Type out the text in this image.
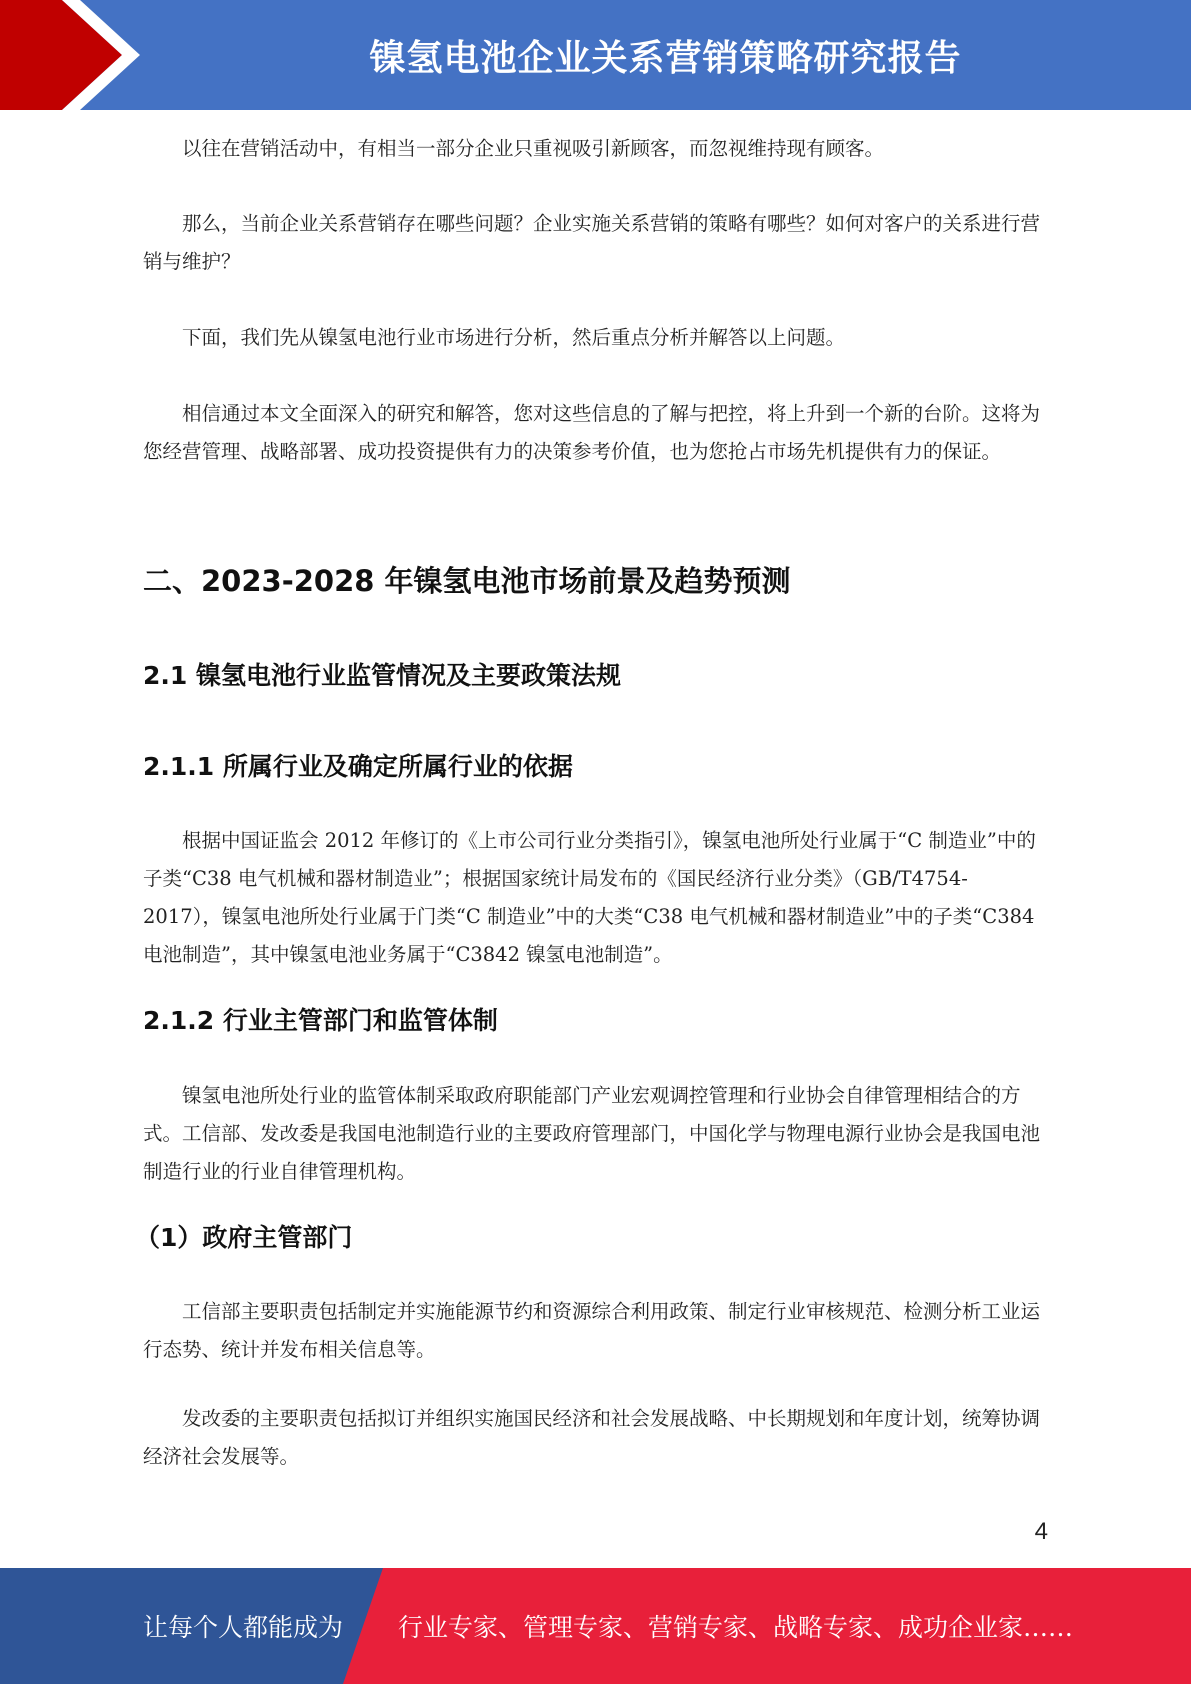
镍氢电池企业关系营销策略研究报告

以往在营销活动中，有相当一部分企业只重视吸引新顾客，而忽视维持现有顾客。

那么，当前企业关系营销存在哪些问题？企业实施关系营销的策略有哪些？如何对客户的关系进行营销与维护？

下面，我们先从镍氢电池行业市场进行分析，然后重点分析并解答以上问题。

相信通过本文全面深入的研究和解答，您对这些信息的了解与把控，将上升到一个新的台阶。这将为您经营管理、战略部署、成功投资提供有力的决策参考价值，也为您抢占市场先机提供有力的保证。

二、2023-2028 年镍氢电池市场前景及趋势预测
2.1 镍氢电池行业监管情况及主要政策法规
2.1.1 所属行业及确定所属行业的依据

根据中国证监会 2012 年修订的《上市公司行业分类指引》，镍氢电池所处行业属于“C 制造业”中的子类“C38 电气机械和器材制造业”；根据国家统计局发布的《国民经济行业分类》（GB/T4754-2017），镍氢电池所处行业属于门类“C 制造业”中的大类“C38 电气机械和器材制造业”中的子类“C384 电池制造”，其中镍氢电池业务属于“C3842 镍氢电池制造”。

2.1.2 行业主管部门和监管体制

镍氢电池所处行业的监管体制采取政府职能部门产业宏观调控管理和行业协会自律管理相结合的方式。工信部、发改委是我国电池制造行业的主要政府管理部门，中国化学与物理电源行业协会是我国电池制造行业的行业自律管理机构。

（1）政府主管部门

工信部主要职责包括制定并实施能源节约和资源综合利用政策、制定行业审核规范、检测分析工业运行态势、统计并发布相关信息等。

发改委的主要职责包括拟订并组织实施国民经济和社会发展战略、中长期规划和年度计划，统筹协调经济社会发展等。

4
让每个人都能成为 行业专家、管理专家、营销专家、战略专家、成功企业家……
